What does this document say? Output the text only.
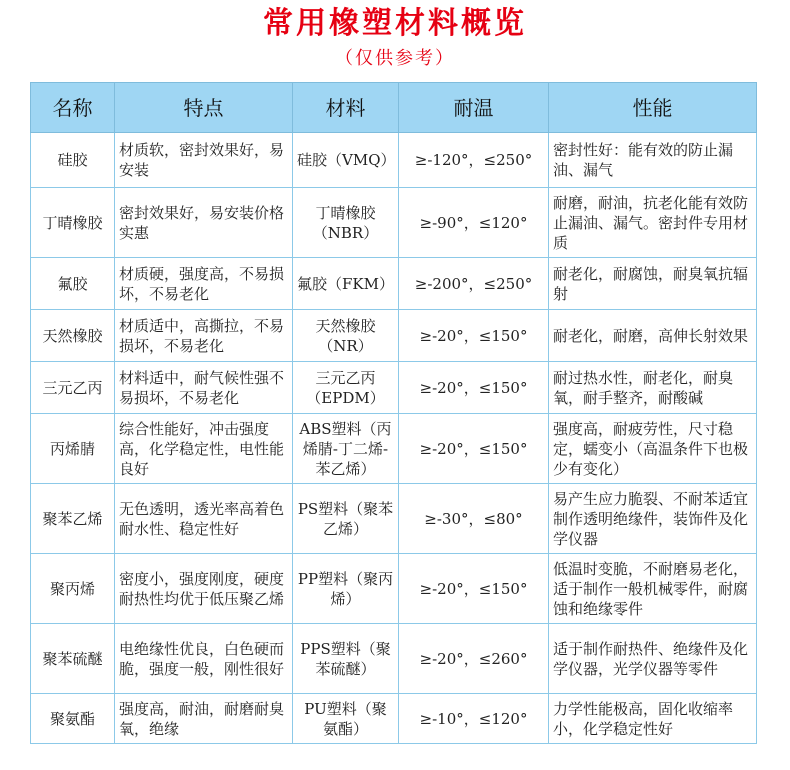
常用橡塑材料概览
（仅供参考）
名称	特点	材料	耐温	性能
硅胶	材质软，密封效果好，易安装	硅胶（VMQ）	≥-120°，≤250°	密封性好：能有效的防止漏油、漏气
丁晴橡胶	密封效果好，易安装价格实惠	丁晴橡胶（NBR）	≥-90°，≤120°	耐磨，耐油，抗老化能有效防止漏油、漏气。密封件专用材质
氟胶	材质硬，强度高，不易损坏，不易老化	氟胶（FKM）	≥-200°，≤250°	耐老化，耐腐蚀，耐臭氧抗辐射
天然橡胶	材质适中，高撕拉，不易损坏，不易老化	天然橡胶（NR）	≥-20°，≤150°	耐老化，耐磨，高伸长射效果
三元乙丙	材料适中，耐气候性强不易损坏，不易老化	三元乙丙（EPDM）	≥-20°，≤150°	耐过热水性，耐老化，耐臭氧，耐手整齐，耐酸碱
丙烯腈	综合性能好，冲击强度高，化学稳定性，电性能良好	ABS塑料（丙烯腈-丁二烯-苯乙烯）	≥-20°，≤150°	强度高，耐疲劳性，尺寸稳定，蠕变小（高温条件下也极少有变化）
聚苯乙烯	无色透明，透光率高着色耐水性、稳定性好	PS塑料（聚苯乙烯）	≥-30°，≤80°	易产生应力脆裂、不耐苯适宜制作透明绝缘件，装饰件及化学仪器
聚丙烯	密度小，强度刚度，硬度耐热性均优于低压聚乙烯	PP塑料（聚丙烯）	≥-20°，≤150°	低温时变脆，不耐磨易老化，适于制作一般机械零件，耐腐蚀和绝缘零件
聚苯硫醚	电绝缘性优良，白色硬而脆，强度一般，刚性很好	PPS塑料（聚苯硫醚）	≥-20°，≤260°	适于制作耐热件、绝缘件及化学仪器，光学仪器等零件
聚氨酯	强度高，耐油，耐磨耐臭氧，绝缘	PU塑料（聚氨酯）	≥-10°，≤120°	力学性能极高，固化收缩率小，化学稳定性好
